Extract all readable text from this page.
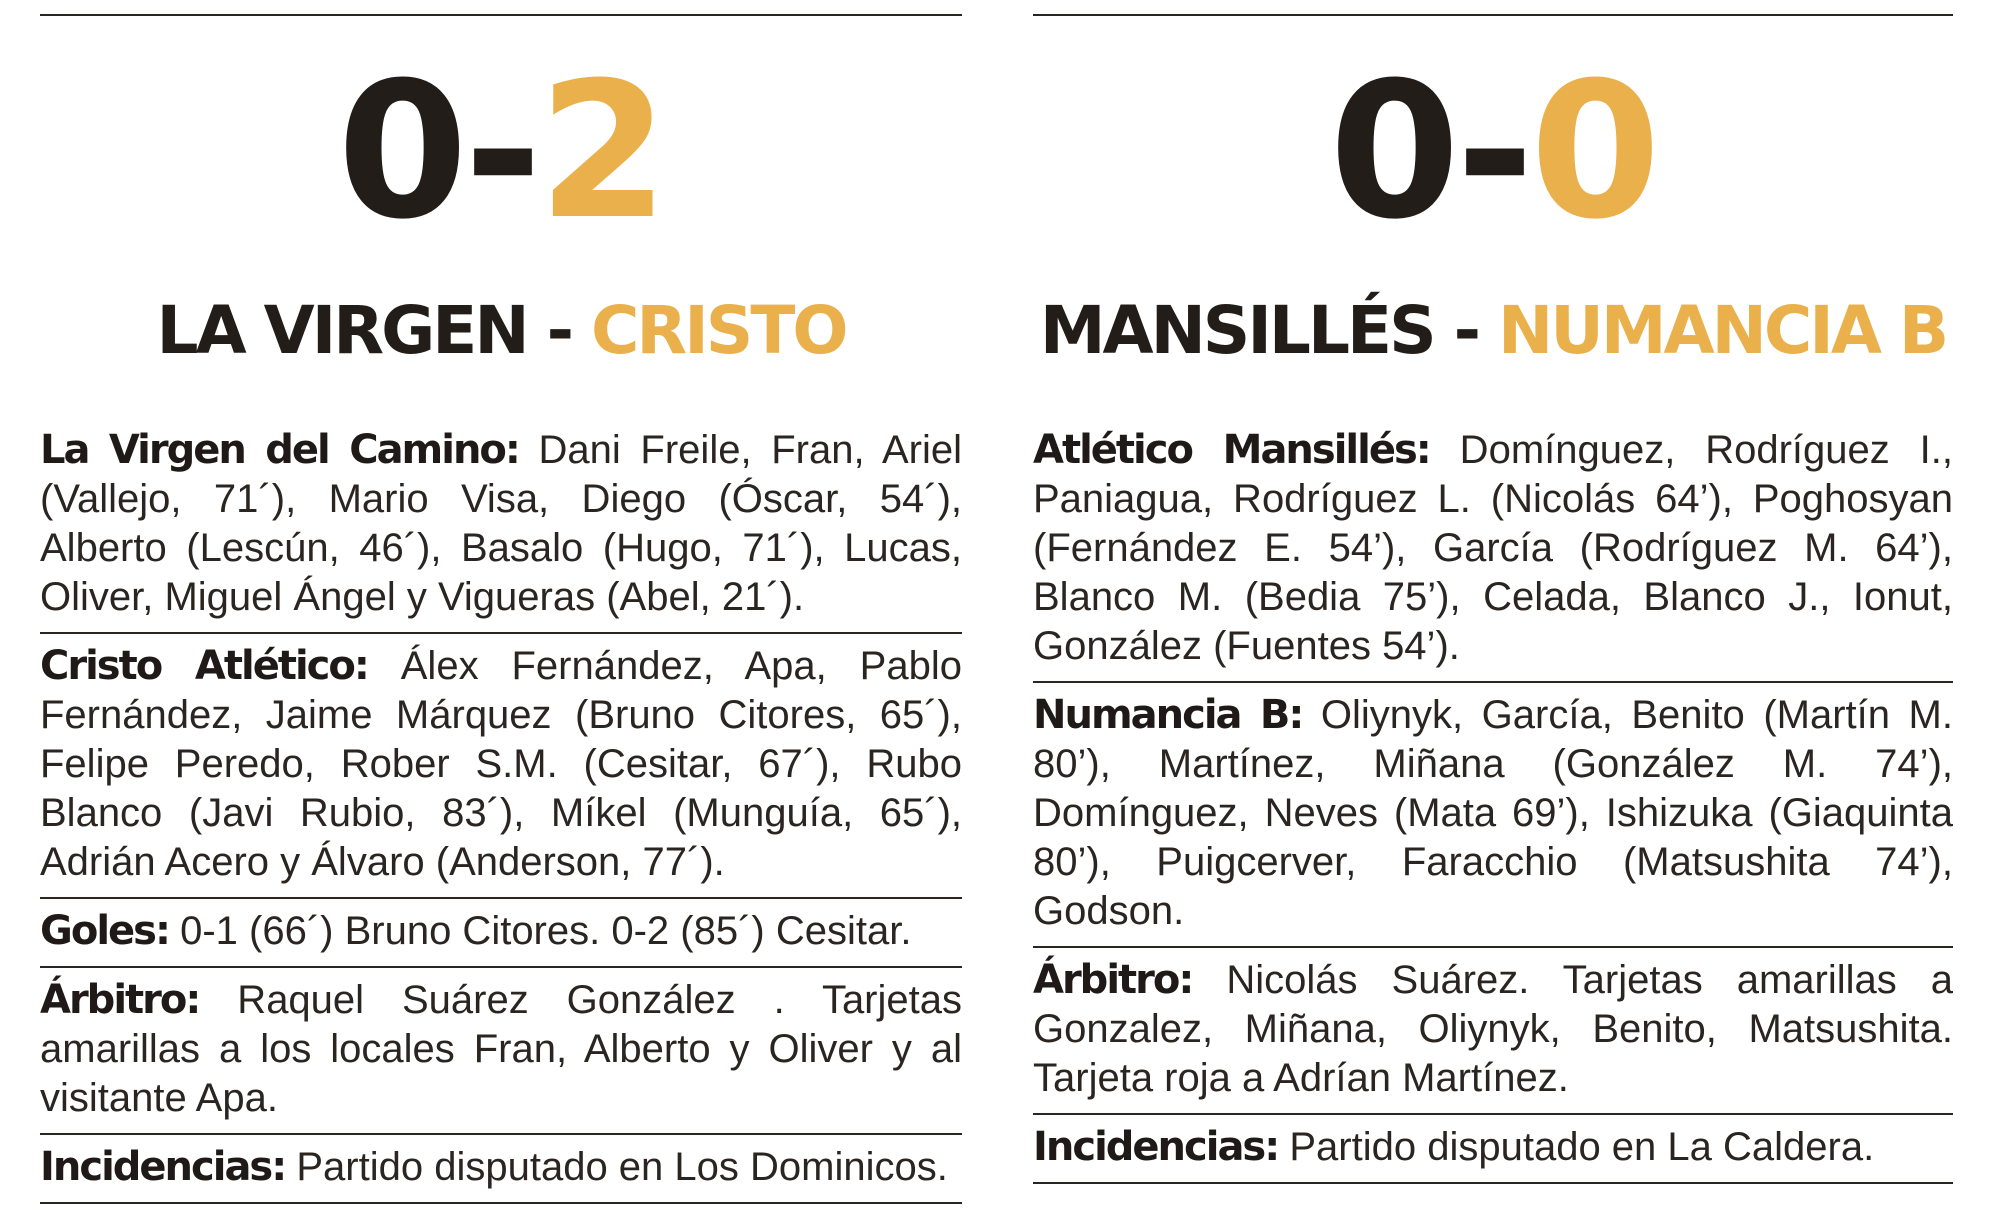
0-2
LA VIRGEN - CRISTO

La Virgen del Camino: Dani Freile, Fran, Ariel (Vallejo, 71´), Mario Visa, Diego (Óscar, 54´), Alberto (Lescún, 46´), Basalo (Hugo, 71´), Lucas, Oliver, Miguel Ángel y Vigueras (Abel, 21´).

Cristo Atlético: Álex Fernández, Apa, Pablo Fernández, Jaime Márquez (Bruno Citores, 65´), Felipe Peredo, Rober S.M. (Cesitar, 67´), Rubo Blanco (Javi Rubio, 83´), Míkel (Munguía, 65´), Adrián Acero y Álvaro (Anderson, 77´).

Goles: 0-1 (66´) Bruno Citores. 0-2 (85´) Cesitar.

Árbitro: Raquel Suárez González . Tarjetas amarillas a los locales Fran, Alberto y Oliver y al visitante Apa.

Incidencias: Partido disputado en Los Dominicos.

0-0
MANSILLÉS - NUMANCIA B

Atlético Mansillés: Domínguez, Rodríguez I., Paniagua, Rodríguez L. (Nicolás 64’), Poghosyan (Fernández E. 54’), García (Rodríguez M. 64’), Blanco M. (Bedia 75’), Celada, Blanco J., Ionut, González (Fuentes 54’).

Numancia B: Oliynyk, García, Benito (Martín M. 80’), Martínez, Miñana (González M. 74’), Domínguez, Neves (Mata 69’), Ishizuka (Giaquinta 80’), Puigcerver, Faracchio (Matsushita 74’), Godson.

Árbitro: Nicolás Suárez. Tarjetas amarillas a Gonzalez, Miñana, Oliynyk, Benito, Matsushita. Tarjeta roja a Adrían Martínez.

Incidencias: Partido disputado en La Caldera.
